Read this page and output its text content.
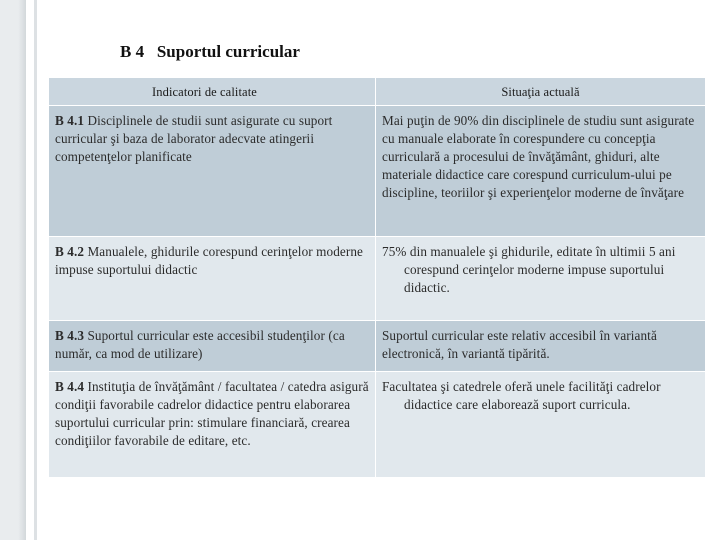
B 4   Suportul curricular
Indicatori de calitate	Situaţia actuală
B 4.1 Disciplinele de studii sunt asigurate cu suport curricular şi baza de laborator adecvate atingerii competenţelor planificate	Mai puţin de 90% din disciplinele de studiu sunt asigurate cu manuale elaborate în corespundere cu concepţia curriculară a procesului de învăţământ, ghiduri, alte materiale didactice care corespund curriculum-ului pe discipline, teoriilor şi experienţelor moderne de învăţare
B 4.2 Manualele, ghidurile corespund cerinţelor moderne impuse suportului didactic	75% din manualele şi ghidurile, editate în ultimii 5 ani corespund cerinţelor moderne impuse suportului didactic.
B 4.3 Suportul curricular este accesibil studenţilor (ca număr, ca mod de utilizare)	Suportul curricular este relativ accesibil în variantă electronică, în variantă tipărită.
B 4.4 Instituţia de învăţământ / facultatea / catedra asigură condiţii favorabile cadrelor didactice pentru elaborarea suportului curricular prin: stimulare financiară, crearea condiţiilor favorabile de editare, etc.	Facultatea şi catedrele oferă unele facilităţi cadrelor didactice care elaborează suport curricula.
